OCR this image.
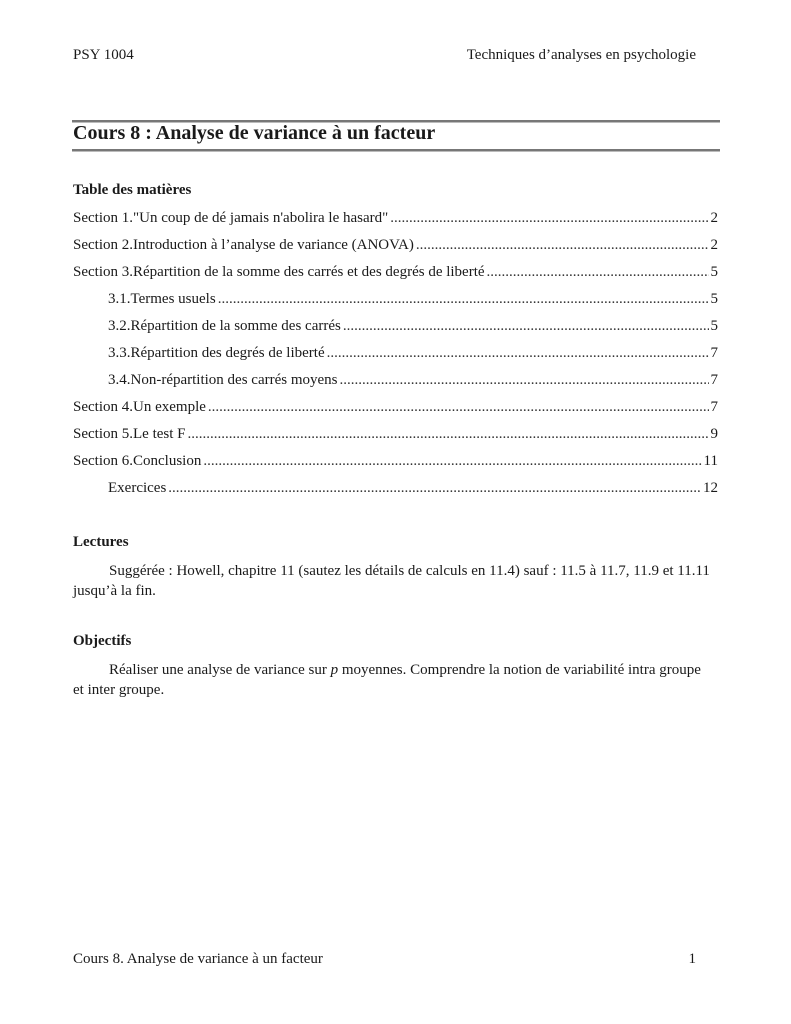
PSY 1004	Techniques d’analyses en psychologie
Cours 8 : Analyse de variance à un facteur
Table des matières
Section 1. "Un coup de dé jamais n'abolira le hasard" .....	2
Section 2. Introduction à l’analyse de variance (ANOVA) .....	2
Section 3. Répartition de la somme des carrés et des degrés de liberté .....	5
3.1. Termes usuels .....	5
3.2. Répartition de la somme des carrés .....	5
3.3. Répartition des degrés de liberté .....	7
3.4. Non-répartition des carrés moyens .....	7
Section 4. Un exemple .....	7
Section 5. Le test F .....	9
Section 6. Conclusion .....	11
Exercices .....	12
Lectures
Suggérée : Howell, chapitre 11 (sautez les détails de calculs en 11.4) sauf : 11.5 à 11.7, 11.9 et 11.11 jusqu’à la fin.
Objectifs
Réaliser une analyse de variance sur p moyennes. Comprendre la notion de variabilité intra groupe et inter groupe.
Cours 8. Analyse de variance à un facteur	1
